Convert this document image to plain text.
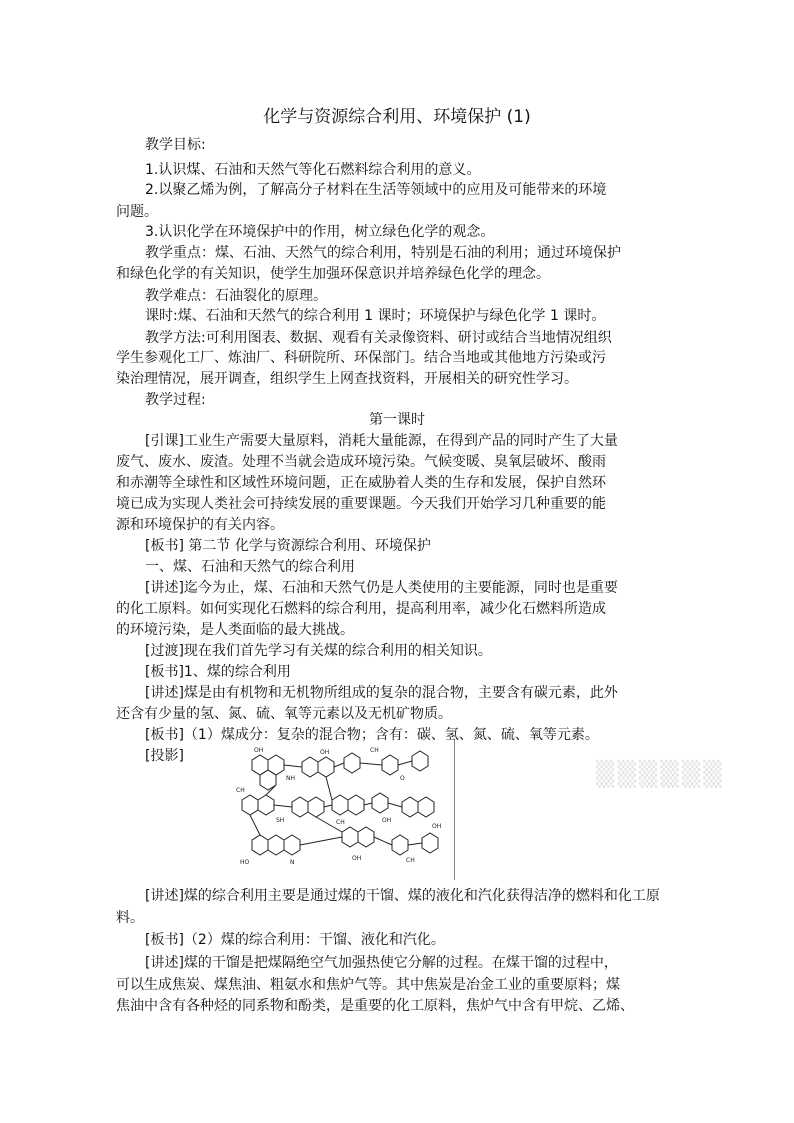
化学与资源综合利用、环境保护 (1)
教学目标:
1.认识煤、石油和天然气等化石燃料综合利用的意义。
2.以聚乙烯为例，了解高分子材料在生活等领域中的应用及可能带来的环境
问题。
3.认识化学在环境保护中的作用，树立绿色化学的观念。
教学重点：煤、石油、天然气的综合利用，特别是石油的利用；通过环境保护
和绿色化学的有关知识，使学生加强环保意识并培养绿色化学的理念。
教学难点：石油裂化的原理。
课时:煤、石油和天然气的综合利用 1 课时；环境保护与绿色化学 1 课时。
教学方法:可利用图表、数据、观看有关录像资料、研讨或结合当地情况组织
学生参观化工厂、炼油厂、科研院所、环保部门。结合当地或其他地方污染或污
染治理情况，展开调查，组织学生上网查找资料，开展相关的研究性学习。
教学过程:
第一课时
[引课]工业生产需要大量原料，消耗大量能源，在得到产品的同时产生了大量
废气、废水、废渣。处理不当就会造成环境污染。气候变暖、臭氧层破坏、酸雨
和赤潮等全球性和区域性环境问题，正在威胁着人类的生存和发展，保护自然环
境已成为实现人类社会可持续发展的重要课题。今天我们开始学习几种重要的能
源和环境保护的有关内容。
[板书] 第二节 化学与资源综合利用、环境保护
一、煤、石油和天然气的综合利用
[讲述]迄今为止，煤、石油和天然气仍是人类使用的主要能源，同时也是重要
的化工原料。如何实现化石燃料的综合利用，提高利用率，减少化石燃料所造成
的环境污染，是人类面临的最大挑战。
[过渡]现在我们首先学习有关煤的综合利用的相关知识。
[板书]1、煤的综合利用
[讲述]煤是由有机物和无机物所组成的复杂的混合物，主要含有碳元素，此外
还含有少量的氢、氮、硫、氧等元素以及无机矿物质。
[板书]（1）煤成分：复杂的混合物；含有：碳、氢、氮、硫、氧等元素。
[投影]	OH
NH
OH	CH
O
CH
SH	CH	OH
HO	N
OH	CH
OH
▒▒▒▒▒▒
[讲述]煤的综合利用主要是通过煤的干馏、煤的液化和汽化获得洁净的燃料和化工原
料。
[板书]（2）煤的综合利用：干馏、液化和汽化。
[讲述]煤的干馏是把煤隔绝空气加强热使它分解的过程。在煤干馏的过程中，
可以生成焦炭、煤焦油、粗氨水和焦炉气等。其中焦炭是冶金工业的重要原料；煤
焦油中含有各种烃的同系物和酚类，是重要的化工原料，焦炉气中含有甲烷、乙烯、
